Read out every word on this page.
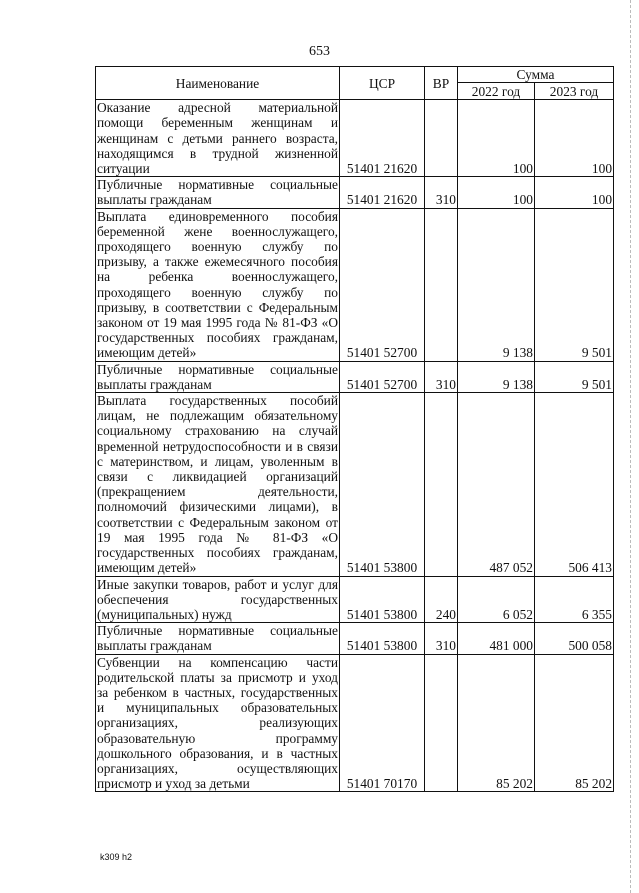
653
Наименование	ЦСР	ВР	Сумма	
			2022 год	2023 год
Оказание адресной материальной помощи беременным женщинам и женщинам с детьми раннего возраста, находящимся в трудной жизненной ситуации	51401 21620		100	100
Публичные нормативные социальные выплаты гражданам	51401 21620	310	100	100
Выплата единовременного пособия беременной жене военнослужащего, проходящего военную службу по призыву, а также ежемесячного пособия на ребенка военнослужащего, проходящего военную службу по призыву, в соответствии с Федеральным законом от 19 мая 1995 года № 81-ФЗ «О государственных пособиях гражданам, имеющим детей»	51401 52700		9 138	9 501
Публичные нормативные социальные выплаты гражданам	51401 52700	310	9 138	9 501
Выплата государственных пособий лицам, не подлежащим обязательному социальному страхованию на случай временной нетрудоспособности и в связи с материнством, и лицам, уволенным в связи с ликвидацией организаций (прекращением деятельности, полномочий физическими лицами), в соответствии с Федеральным законом от 19 мая 1995 года № 81-ФЗ «О государственных пособиях гражданам, имеющим детей»	51401 53800		487 052	506 413
Иные закупки товаров, работ и услуг для обеспечения государственных (муниципальных) нужд	51401 53800	240	6 052	6 355
Публичные нормативные социальные выплаты гражданам	51401 53800	310	481 000	500 058
Субвенции на компенсацию части родительской платы за присмотр и уход за ребенком в частных, государственных и муниципальных образовательных организациях, реализующих образовательную программу дошкольного образования, и в частных организациях, осуществляющих присмотр и уход за детьми	51401 70170		85 202	85 202
k309 h2
